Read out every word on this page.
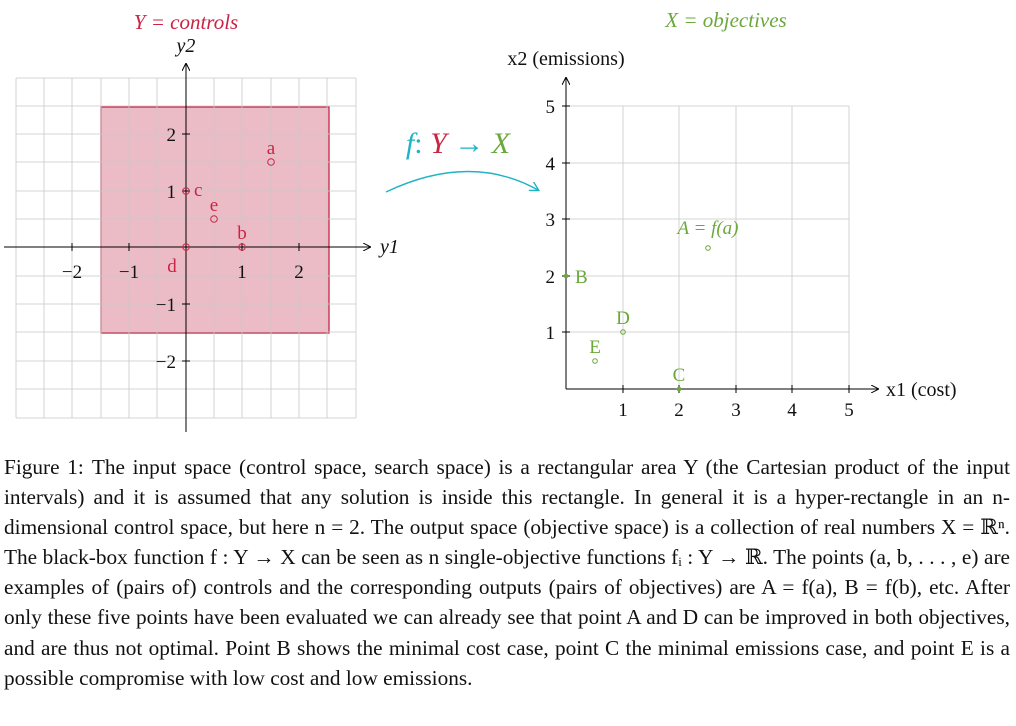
−2 −1	1	2
2
1
−1
−2
Y = controls
y2
y1
a
b
c
d
e
f: Y → X
1 2	3 4	5
1
2
3
4
5
X = objectives
x2 (emissions)
x1 (cost)
A = f(a)
B
C
D
E
Figure 1: The input space (control space, search space) is a rectangular area Y (the Cartesian product of the input intervals) and it is assumed that any solution is inside this rectangle. In general it is a hyper-rectangle in an n-dimensional control space, but here n = 2. The output space (objective space) is a collection of real numbers X = ℝⁿ. The black-box function f : Y → X can be seen as n single-objective functions fᵢ : Y → ℝ. The points (a, b, . . . , e) are examples of (pairs of) controls and the corresponding outputs (pairs of objectives) are A = f(a), B = f(b), etc. After only these five points have been evaluated we can already see that point A and D can be improved in both objectives, and are thus not optimal. Point B shows the minimal cost case, point C the minimal emissions case, and point E is a possible compromise with low cost and low emissions.
